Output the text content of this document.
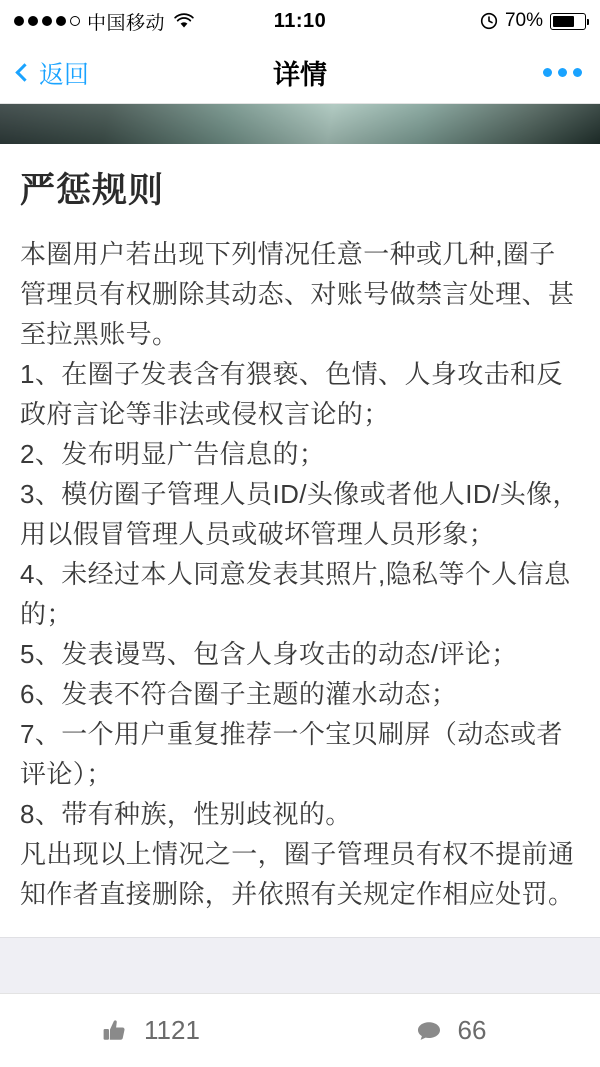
中国移动	11:10	70%
返回	详情
严惩规则
本圈用户若出现下列情况任意一种或几种,圈子管理员有权删除其动态、对账号做禁言处理、甚至拉黑账号。
1、在圈子发表含有猥亵、色情、人身攻击和反政府言论等非法或侵权言论的；
2、发布明显广告信息的；
3、模仿圈子管理人员ID/头像或者他人ID/头像，用以假冒管理人员或破坏管理人员形象；
4、未经过本人同意发表其照片,隐私等个人信息的；
5、发表谩骂、包含人身攻击的动态/评论；
6、发表不符合圈子主题的灌水动态；
7、一个用户重复推荐一个宝贝刷屏（动态或者评论）；
8、带有种族，性别歧视的。
凡出现以上情况之一，圈子管理员有权不提前通知作者直接删除，并依照有关规定作相应处罚。
1121	66
